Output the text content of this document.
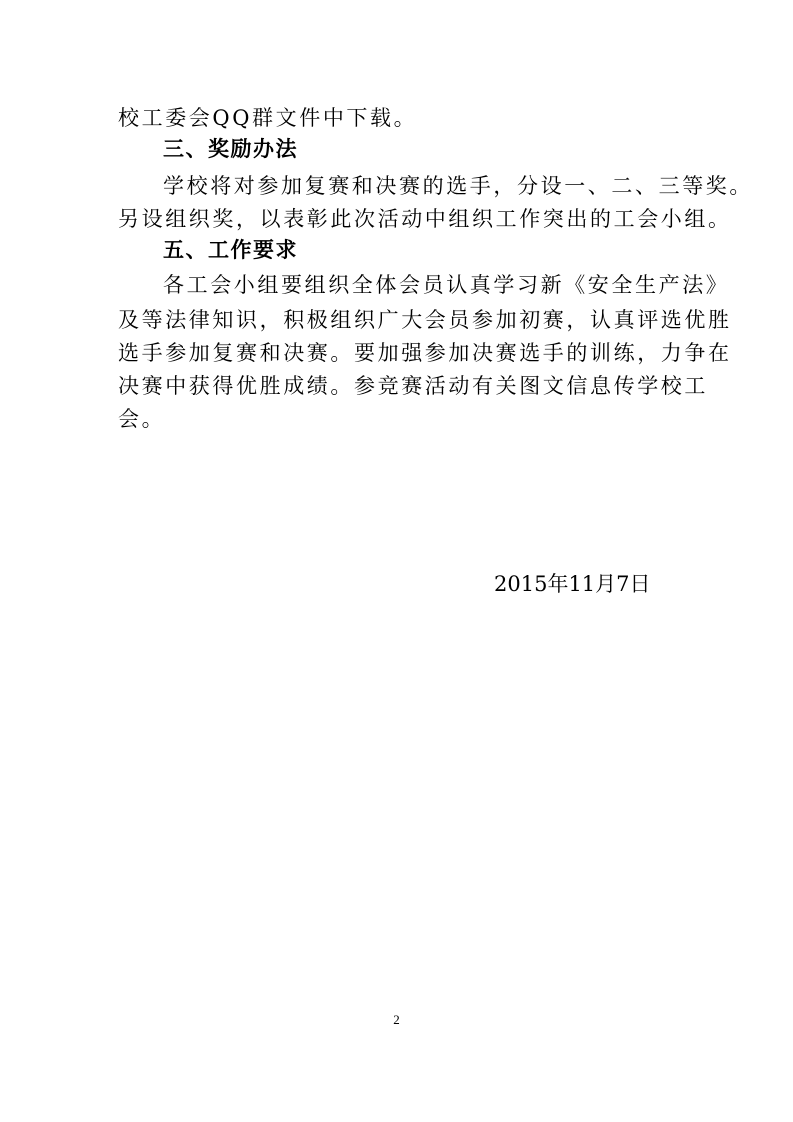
校工委会QQ群文件中下载。
三、奖励办法
学校将对参加复赛和决赛的选手，分设一、二、三等奖。
另设组织奖，以表彰此次活动中组织工作突出的工会小组。
五、工作要求
各工会小组要组织全体会员认真学习新《安全生产法》
及等法律知识，积极组织广大会员参加初赛，认真评选优胜
选手参加复赛和决赛。要加强参加决赛选手的训练，力争在
决赛中获得优胜成绩。参竞赛活动有关图文信息传学校工
会。
2015年11月7日
2
